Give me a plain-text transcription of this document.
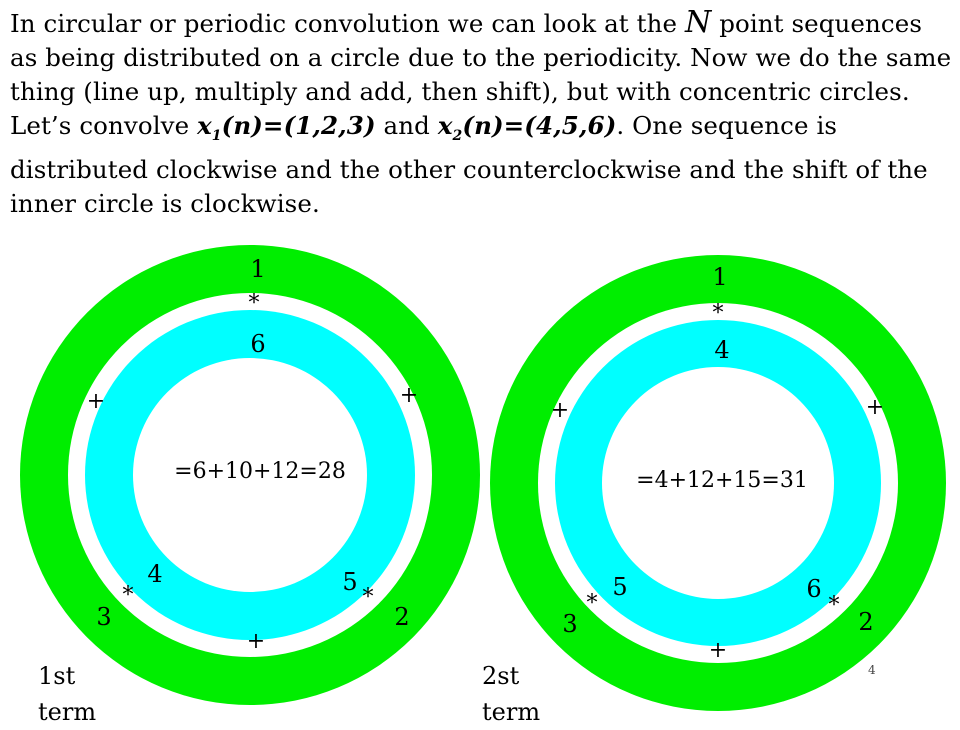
In circular or periodic convolution we can look at the N point sequences as being distributed on a circle due to the periodicity. Now we do the same thing (line up, multiply and add, then shift), but with concentric circles. Let’s convolve $x_1(n)=(1,2,3)$ and $x_2(n)=(4,5,6)$. One sequence is distributed clockwise and the other counterclockwise and the shift of the inner circle is clockwise.
1
2
3
6
4	5
*
*	*
+	+
+
=6+10+12=28
1
2
3
4
5	6
*
*	*
+	+
+
=4+12+15=31
1st
term
2st
term
4
